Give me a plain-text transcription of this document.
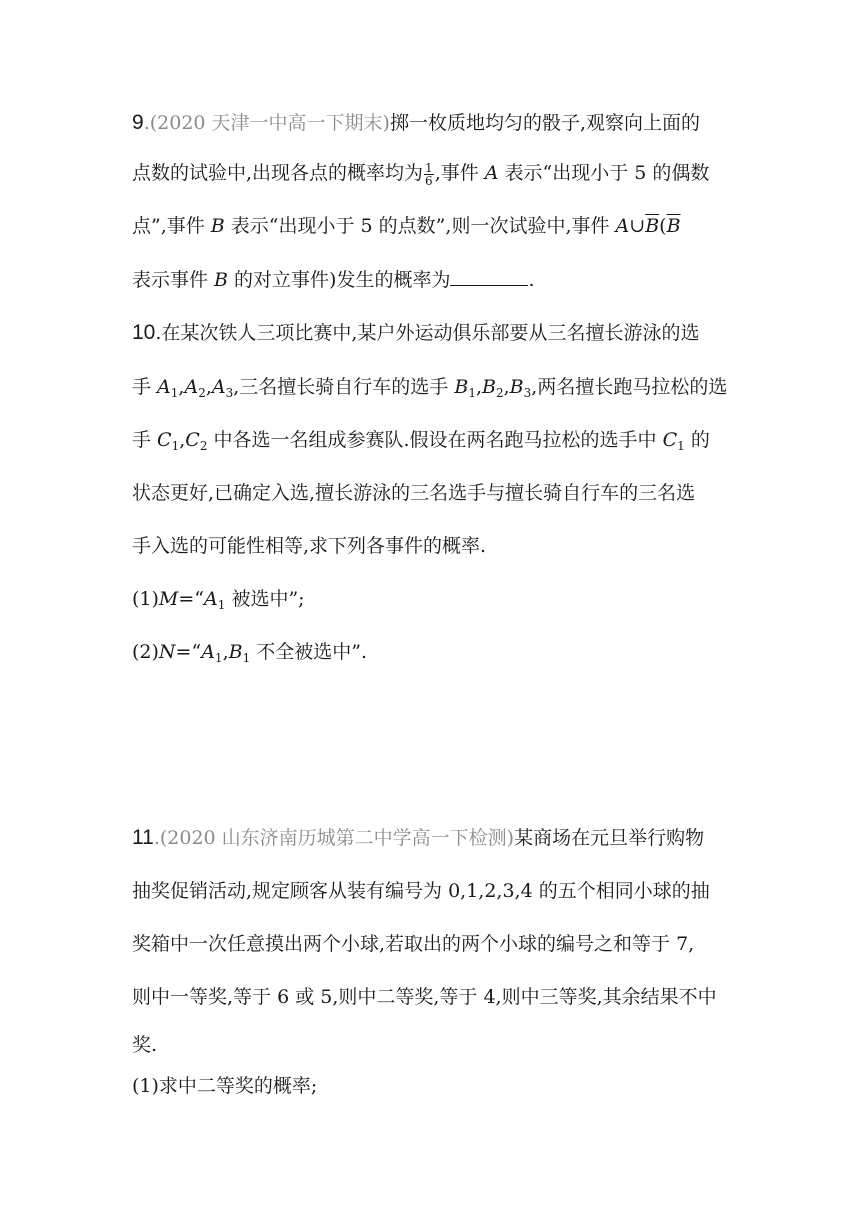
9.(2020 天津一中高一下期末)掷一枚质地均匀的骰子,观察向上面的
点数的试验中,出现各点的概率均为 $\frac{1}{6}$ ,事件 A 表示“出现小于 5 的偶数
点”,事件 B 表示“出现小于 5 的点数”,则一次试验中,事件 $A\cup\overline{B}(\overline{B}$
表示事件 B 的对立事件)发生的概率为	.
10.在某次铁人三项比赛中,某户外运动俱乐部要从三名擅长游泳的选
手 $A_1,A_2,A_3$,三名擅长骑自行车的选手 $B_1,B_2,B_3$,两名擅长跑马拉松的选
手 $C_1,C_2$ 中各选一名组成参赛队.假设在两名跑马拉松的选手中 $C_1$ 的
状态更好,已确定入选,擅长游泳的三名选手与擅长骑自行车的三名选
手入选的可能性相等,求下列各事件的概率.
$(1)M=“A_1$ 被选中”;
$(2)N=“A_1,B_1$ 不全被选中”.
11.(2020 山东济南历城第二中学高一下检测)某商场在元旦举行购物
抽奖促销活动,规定顾客从装有编号为 0,1,2,3,4 的五个相同小球的抽
奖箱中一次任意摸出两个小球,若取出的两个小球的编号之和等于 7,
则中一等奖,等于 6 或 5,则中二等奖,等于 4,则中三等奖,其余结果不中
奖.
(1)求中二等奖的概率;
